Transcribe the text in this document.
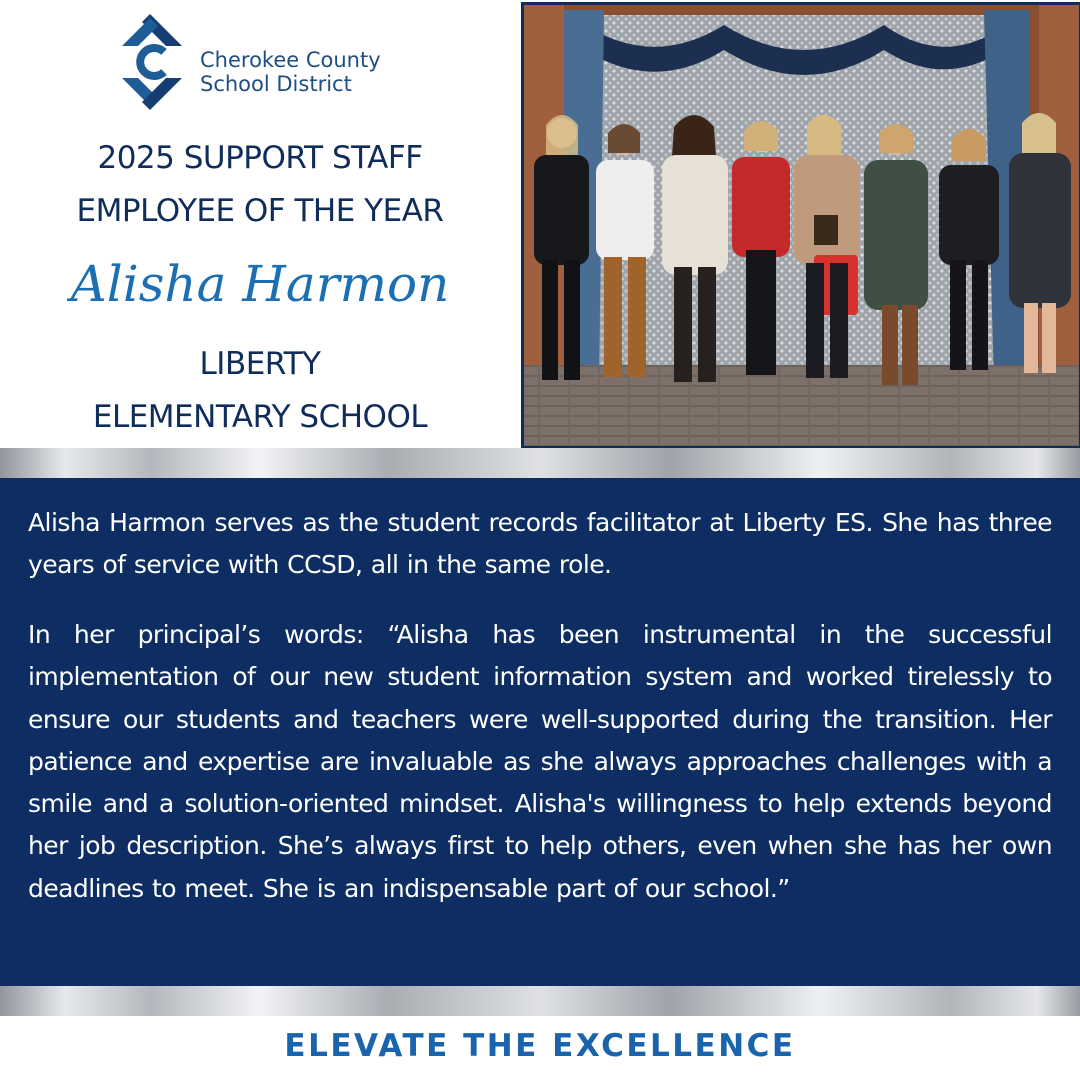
Cherokee County
School District
2025 SUPPORT STAFF
EMPLOYEE OF THE YEAR
Alisha Harmon
LIBERTY
ELEMENTARY SCHOOL
Alisha Harmon serves as the student records facilitator at Liberty ES. She has three years of service with CCSD, all in the same role.
In her principal’s words: “Alisha has been instrumental in the successful implementation of our new student information system and worked tirelessly to ensure our students and teachers were well-supported during the transition. Her patience and expertise are invaluable as she always approaches challenges with a smile and a solution-oriented mindset. Alisha's willingness to help extends beyond her job description. She’s always first to help others, even when she has her own deadlines to meet. She is an indispensable part of our school.”
ELEVATE THE EXCELLENCE
